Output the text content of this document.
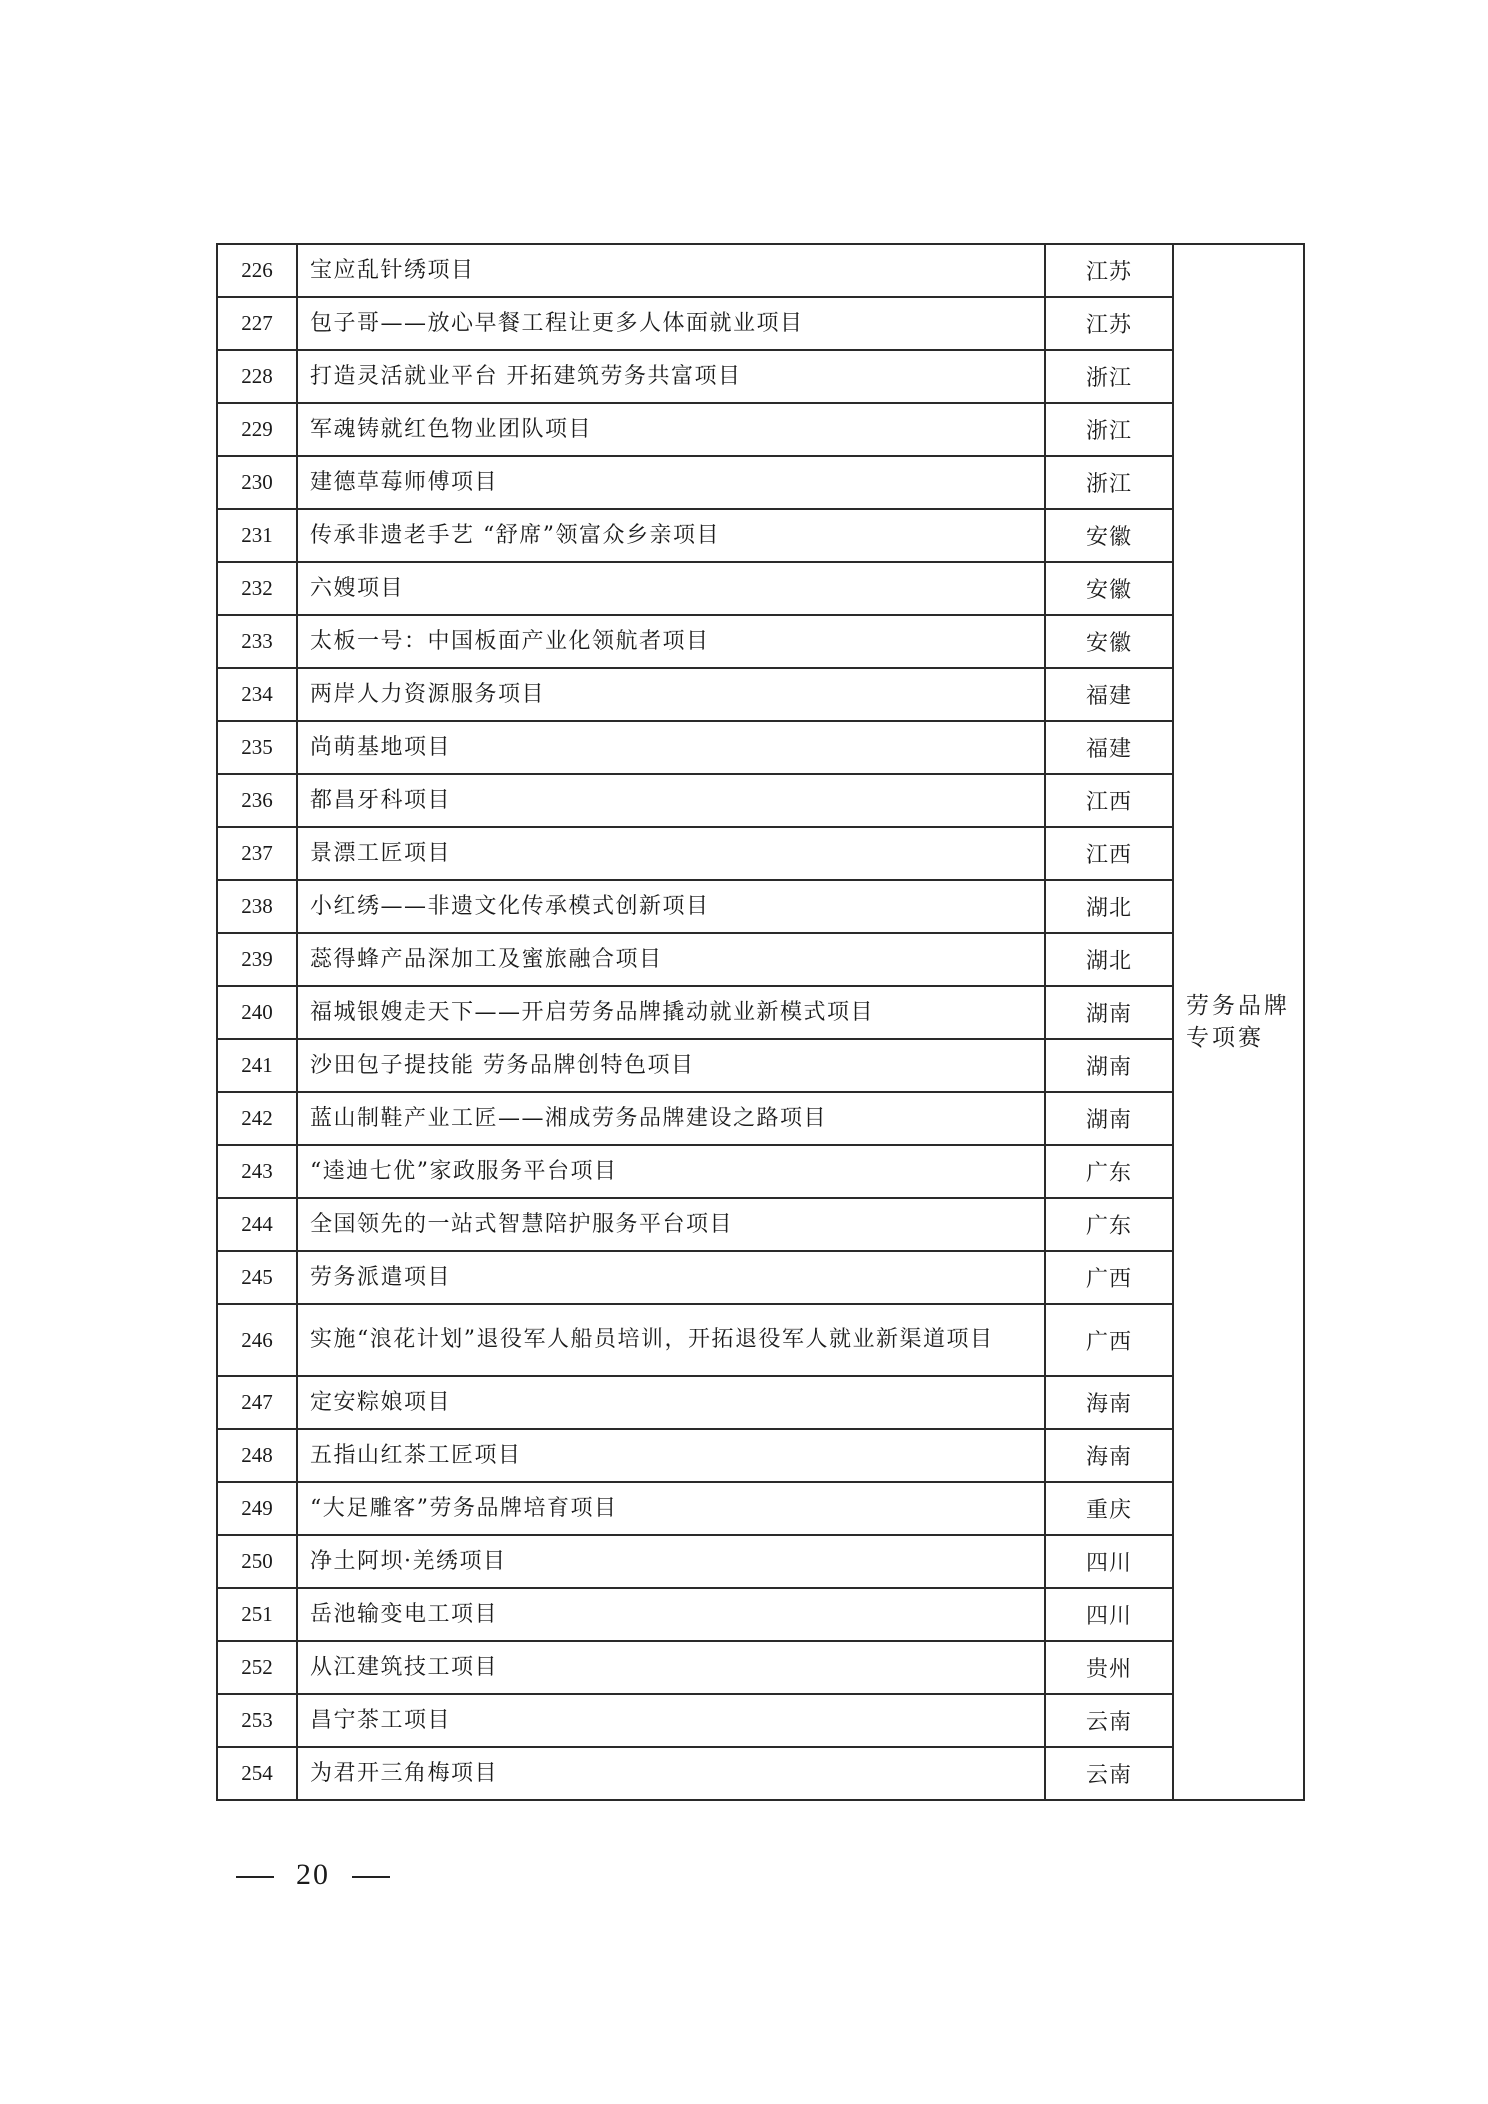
226	宝应乱针绣项目	江苏	劳务品牌专项赛
227	包子哥——放心早餐工程让更多人体面就业项目	江苏	
228	打造灵活就业平台 开拓建筑劳务共富项目	浙江	
229	军魂铸就红色物业团队项目	浙江	
230	建德草莓师傅项目	浙江	
231	传承非遗老手艺 “舒席”领富众乡亲项目	安徽	
232	六嫂项目	安徽	
233	太板一号：中国板面产业化领航者项目	安徽	
234	两岸人力资源服务项目	福建	
235	尚萌基地项目	福建	
236	都昌牙科项目	江西	
237	景漂工匠项目	江西	
238	小红绣——非遗文化传承模式创新项目	湖北	
239	蕊得蜂产品深加工及蜜旅融合项目	湖北	
240	福城银嫂走天下——开启劳务品牌撬动就业新模式项目	湖南	
241	沙田包子提技能 劳务品牌创特色项目	湖南	
242	蓝山制鞋产业工匠——湘成劳务品牌建设之路项目	湖南	
243	“逵迪七优”家政服务平台项目	广东	
244	全国领先的一站式智慧陪护服务平台项目	广东	
245	劳务派遣项目	广西	
246	实施“浪花计划”退役军人船员培训，开拓退役军人就业新渠道项目	广西	
247	定安粽娘项目	海南	
248	五指山红茶工匠项目	海南	
249	“大足雕客”劳务品牌培育项目	重庆	
250	净土阿坝·羌绣项目	四川	
251	岳池输变电工项目	四川	
252	从江建筑技工项目	贵州	
253	昌宁茶工项目	云南	
254	为君开三角梅项目	云南	
20
